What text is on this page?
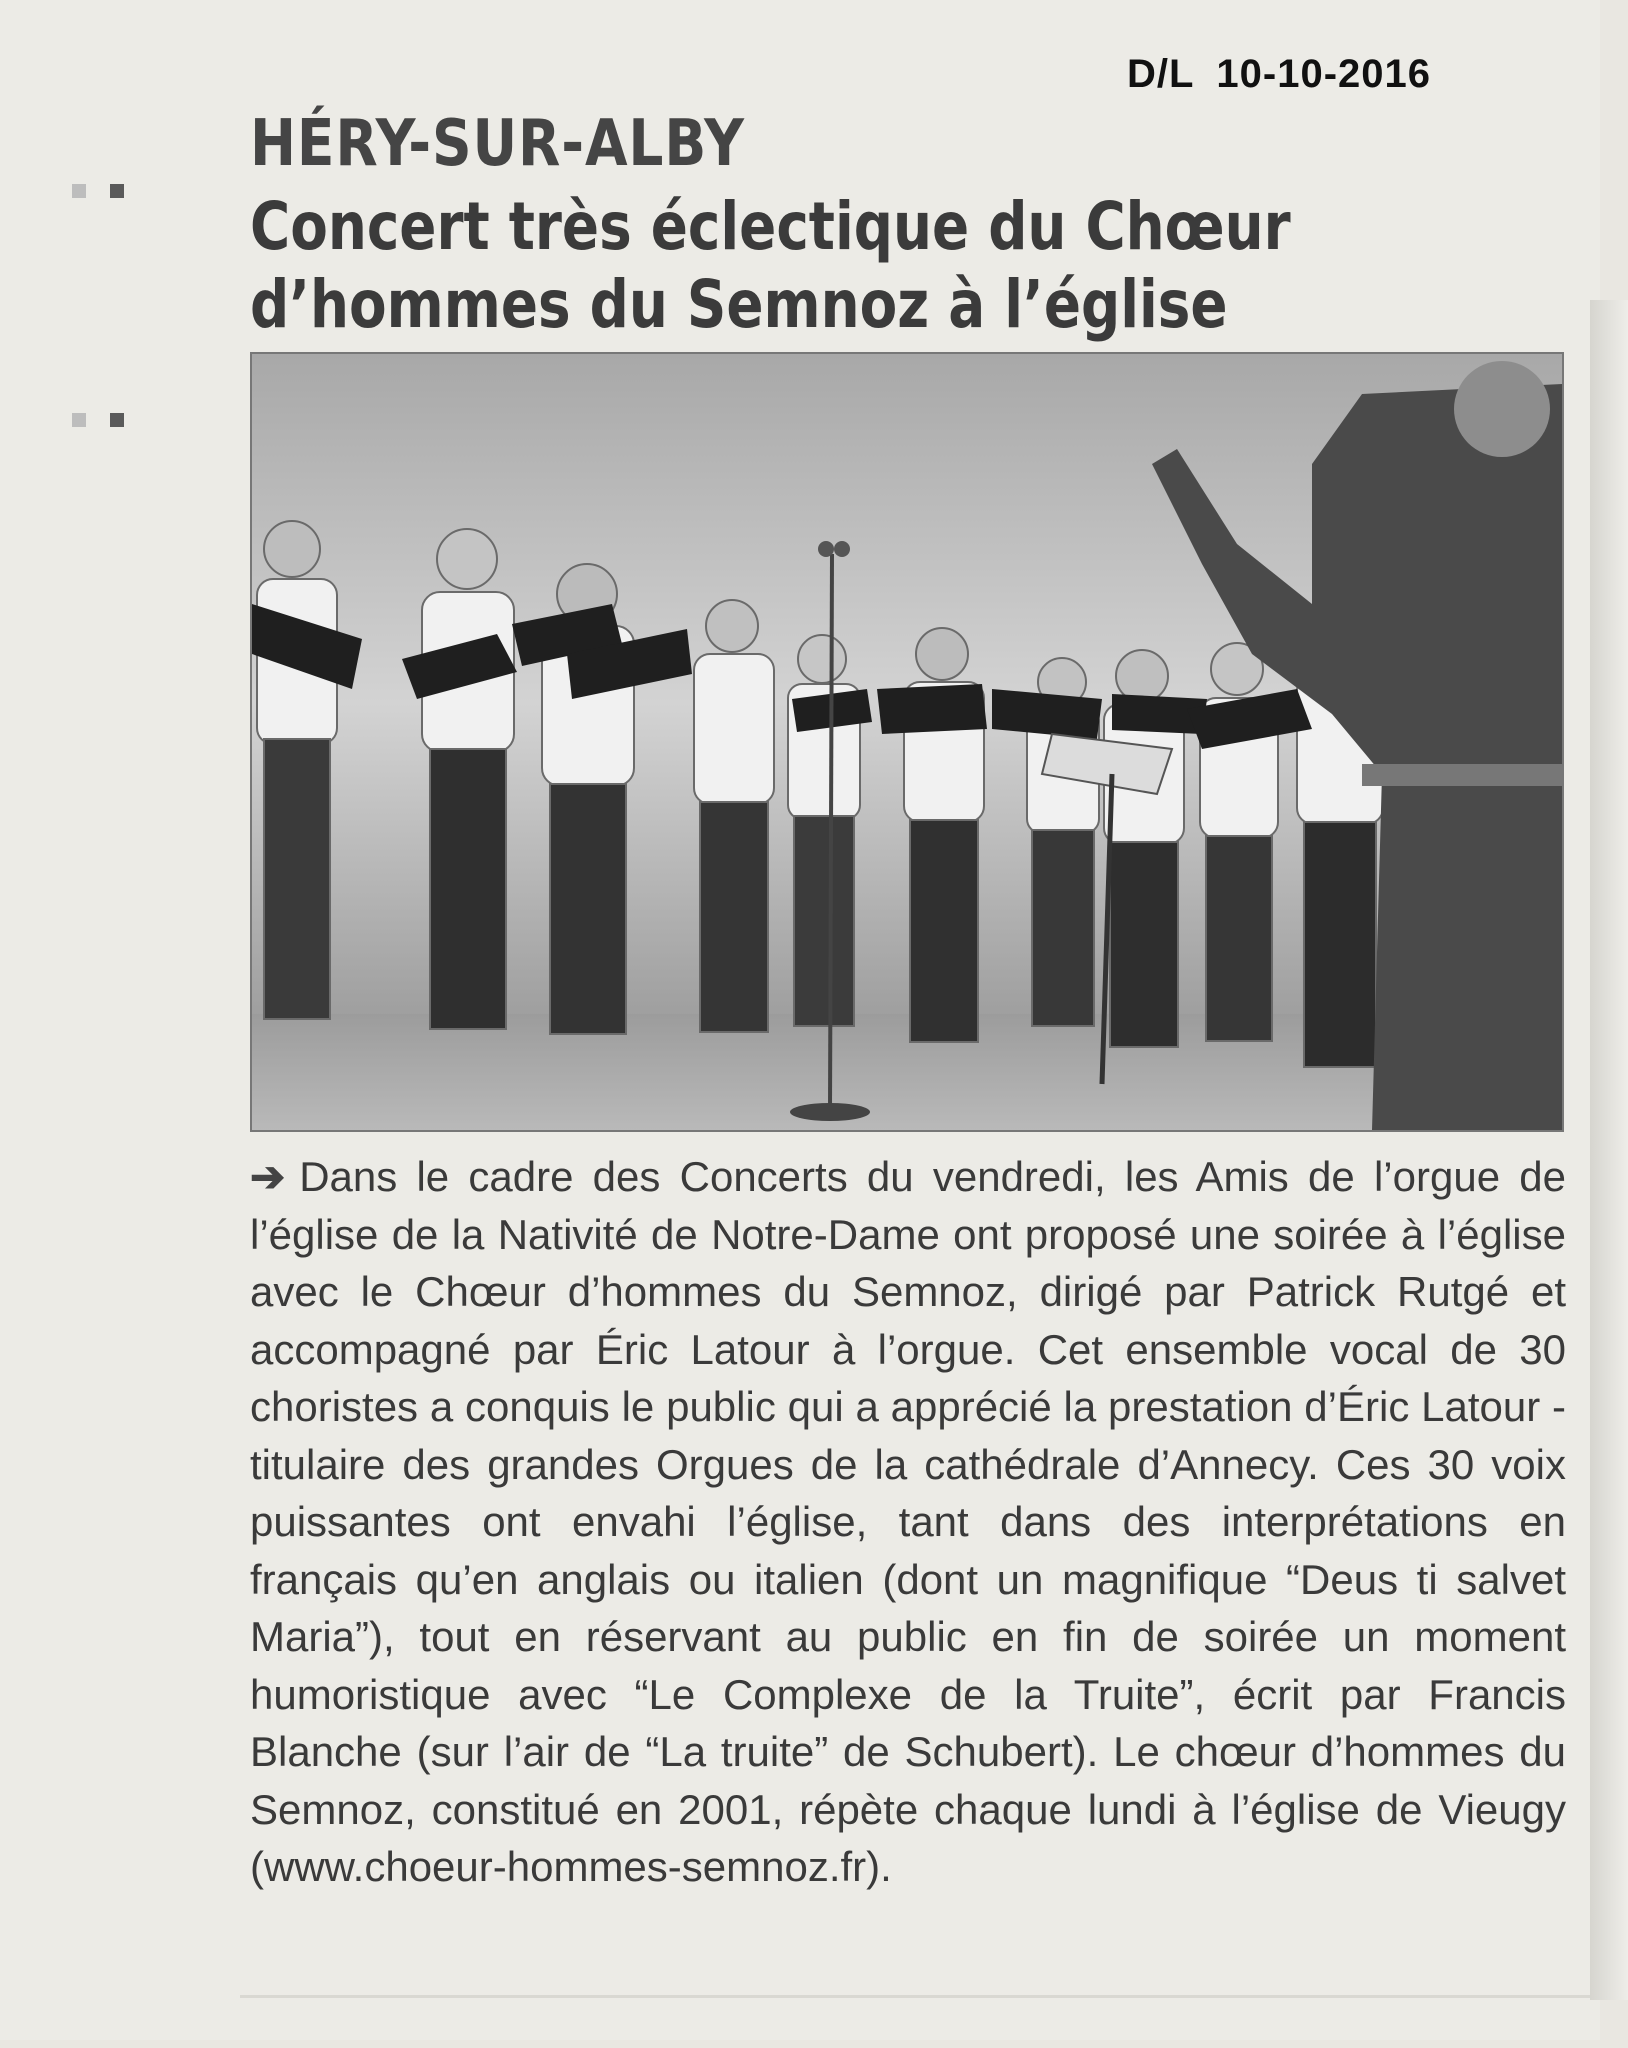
D/L 10-10-2016
HÉRY-SUR-ALBY
Concert très éclectique du Chœur
d’hommes du Semnoz à l’église
➔ Dans le cadre des Concerts du vendredi, les Amis de l’orgue de l’église de la Nativité de Notre-Dame ont proposé une soirée à l’église avec le Chœur d’hommes du Semnoz, dirigé par Patrick Rutgé et accompagné par Éric Latour à l’orgue. Cet ensemble vocal de 30 choristes a conquis le public qui a apprécié la prestation d’Éric Latour -titulaire des grandes Orgues de la cathédrale d’Annecy. Ces 30 voix puissantes ont envahi l’église, tant dans des interprétations en français qu’en anglais ou italien (dont un magnifique “Deus ti salvet Maria”), tout en réservant au public en fin de soirée un moment humoristique avec “Le Complexe de la Truite”, écrit par Francis Blanche (sur l’air de “La truite” de Schubert). Le chœur d’hommes du Semnoz, constitué en 2001, répète chaque lundi à l’église de Vieugy (www.choeur-hommes-semnoz.fr).
